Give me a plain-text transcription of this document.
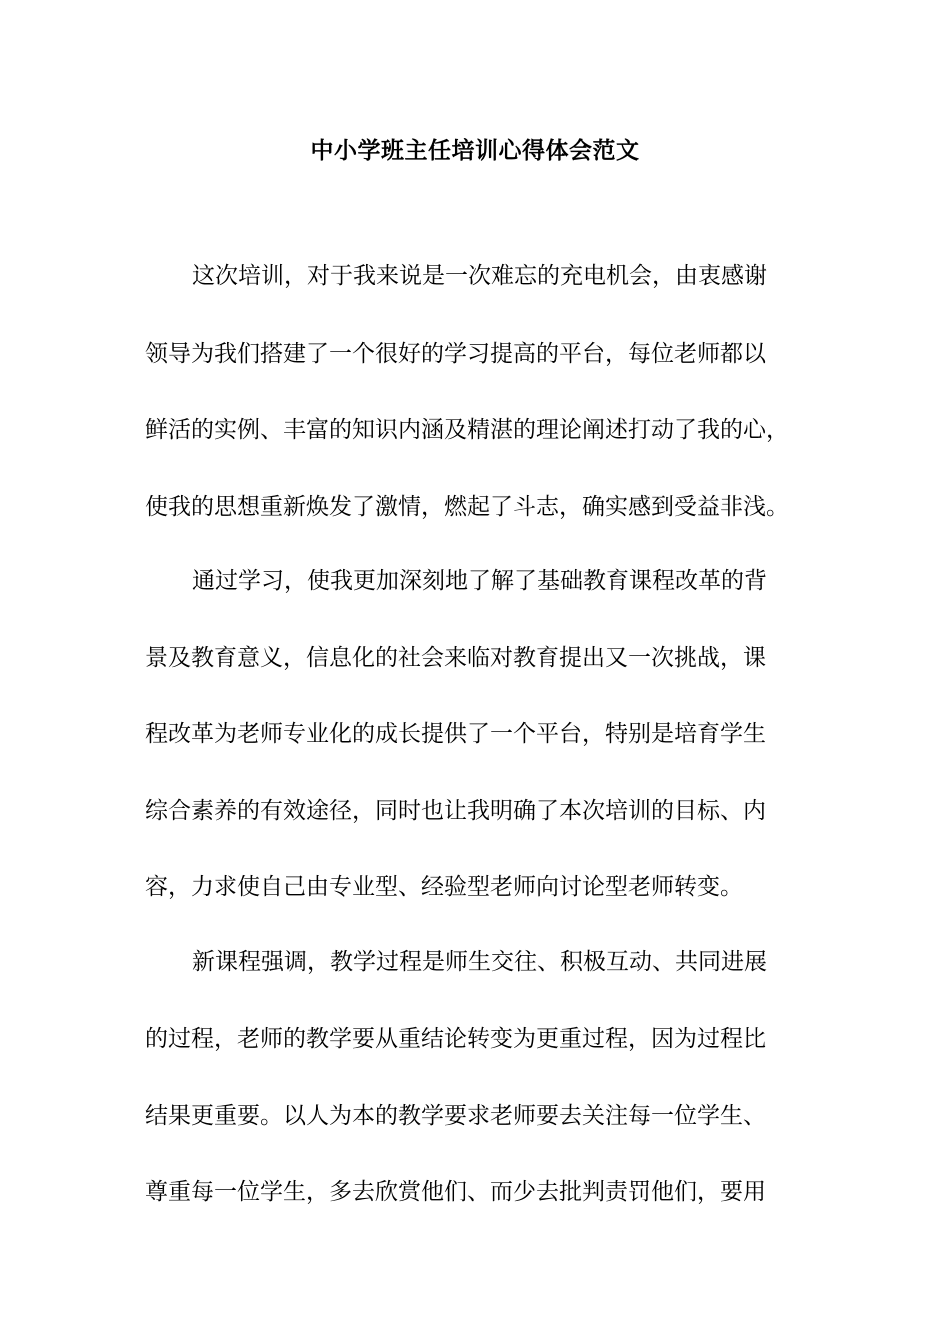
中小学班主任培训心得体会范文

这次培训，对于我来说是一次难忘的充电机会，由衷感谢

领导为我们搭建了一个很好的学习提高的平台，每位老师都以

鲜活的实例、丰富的知识内涵及精湛的理论阐述打动了我的心，

使我的思想重新焕发了激情，燃起了斗志，确实感到受益非浅。

通过学习，使我更加深刻地了解了基础教育课程改革的背

景及教育意义，信息化的社会来临对教育提出又一次挑战，课

程改革为老师专业化的成长提供了一个平台，特别是培育学生

综合素养的有效途径，同时也让我明确了本次培训的目标、内

容，力求使自己由专业型、经验型老师向讨论型老师转变。

新课程强调，教学过程是师生交往、积极互动、共同进展

的过程，老师的教学要从重结论转变为更重过程，因为过程比

结果更重要。以人为本的教学要求老师要去关注每一位学生、

尊重每一位学生，多去欣赏他们、而少去批判责罚他们，要用
